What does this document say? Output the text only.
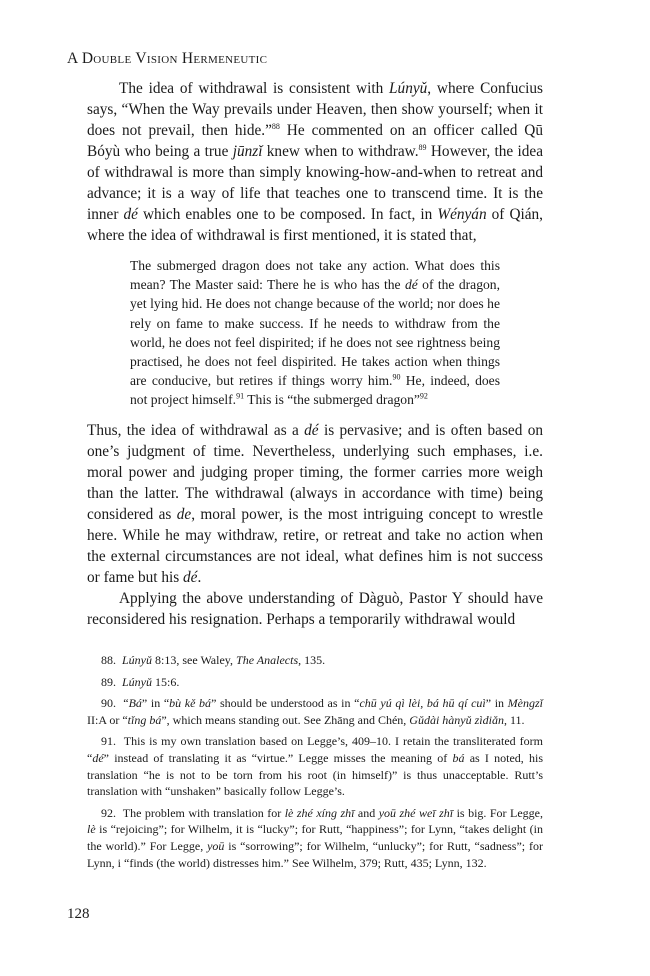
A Double Vision Hermeneutic

The idea of withdrawal is consistent with Lúnyǔ, where Confucius says, “When the Way prevails under Heaven, then show yourself; when it does not prevail, then hide.”$^{88}$ He commented on an officer called Qū Bóyù who being a true jūnzǐ knew when to withdraw.$^{89}$ However, the idea of withdrawal is more than simply knowing-how-and-when to retreat and advance; it is a way of life that teaches one to transcend time. It is the inner dé which enables one to be composed. In fact, in Wényán of Qián, where the idea of withdrawal is first mentioned, it is stated that,

The submerged dragon does not take any action. What does this mean? The Master said: There he is who has the dé of the dragon, yet lying hid. He does not change because of the world; nor does he rely on fame to make success. If he needs to withdraw from the world, he does not feel dispirited; if he does not see rightness being practised, he does not feel dispirited. He takes action when things are conducive, but retires if things worry him.$^{90}$ He, indeed, does not project himself.$^{91}$ This is “the submerged dragon”$^{92}$

Thus, the idea of withdrawal as a dé is pervasive; and is often based on one’s judgment of time. Nevertheless, underlying such emphases, i.e. moral power and judging proper timing, the former carries more weigh than the latter. The withdrawal (always in accordance with time) being considered as de, moral power, is the most intriguing concept to wrestle here. While he may withdraw, retire, or retreat and take no action when the external circumstances are not ideal, what defines him is not success or fame but his dé.

Applying the above understanding of Dàguò, Pastor Y should have reconsidered his resignation. Perhaps a temporarily withdrawal would

88. Lúnyǔ 8:13, see Waley, The Analects, 135.

89. Lúnyǔ 15:6.

90. “Bá” in “bù kě bá” should be understood as in “chū yú qì lèi, bá hū qí cuì” in Mèngzǐ II:A or “tǐng bá”, which means standing out. See Zhāng and Chén, Gǔdài hànyǔ zìdiǎn, 11.

91. This is my own translation based on Legge’s, 409–10. I retain the transliterated form “dé” instead of translating it as “virtue.” Legge misses the meaning of bá as I noted, his translation “he is not to be torn from his root (in himself)” is thus unacceptable. Rutt’s translation with “unshaken” basically follow Legge’s.

92. The problem with translation for lè zhé xíng zhī and yoū zhé weī zhī is big. For Legge, lè is “rejoicing”; for Wilhelm, it is “lucky”; for Rutt, “happiness”; for Lynn, “takes delight (in the world).” For Legge, yoū is “sorrowing”; for Wilhelm, “unlucky”; for Rutt, “sadness”; for Lynn, i “finds (the world) distresses him.” See Wilhelm, 379; Rutt, 435; Lynn, 132.

128
